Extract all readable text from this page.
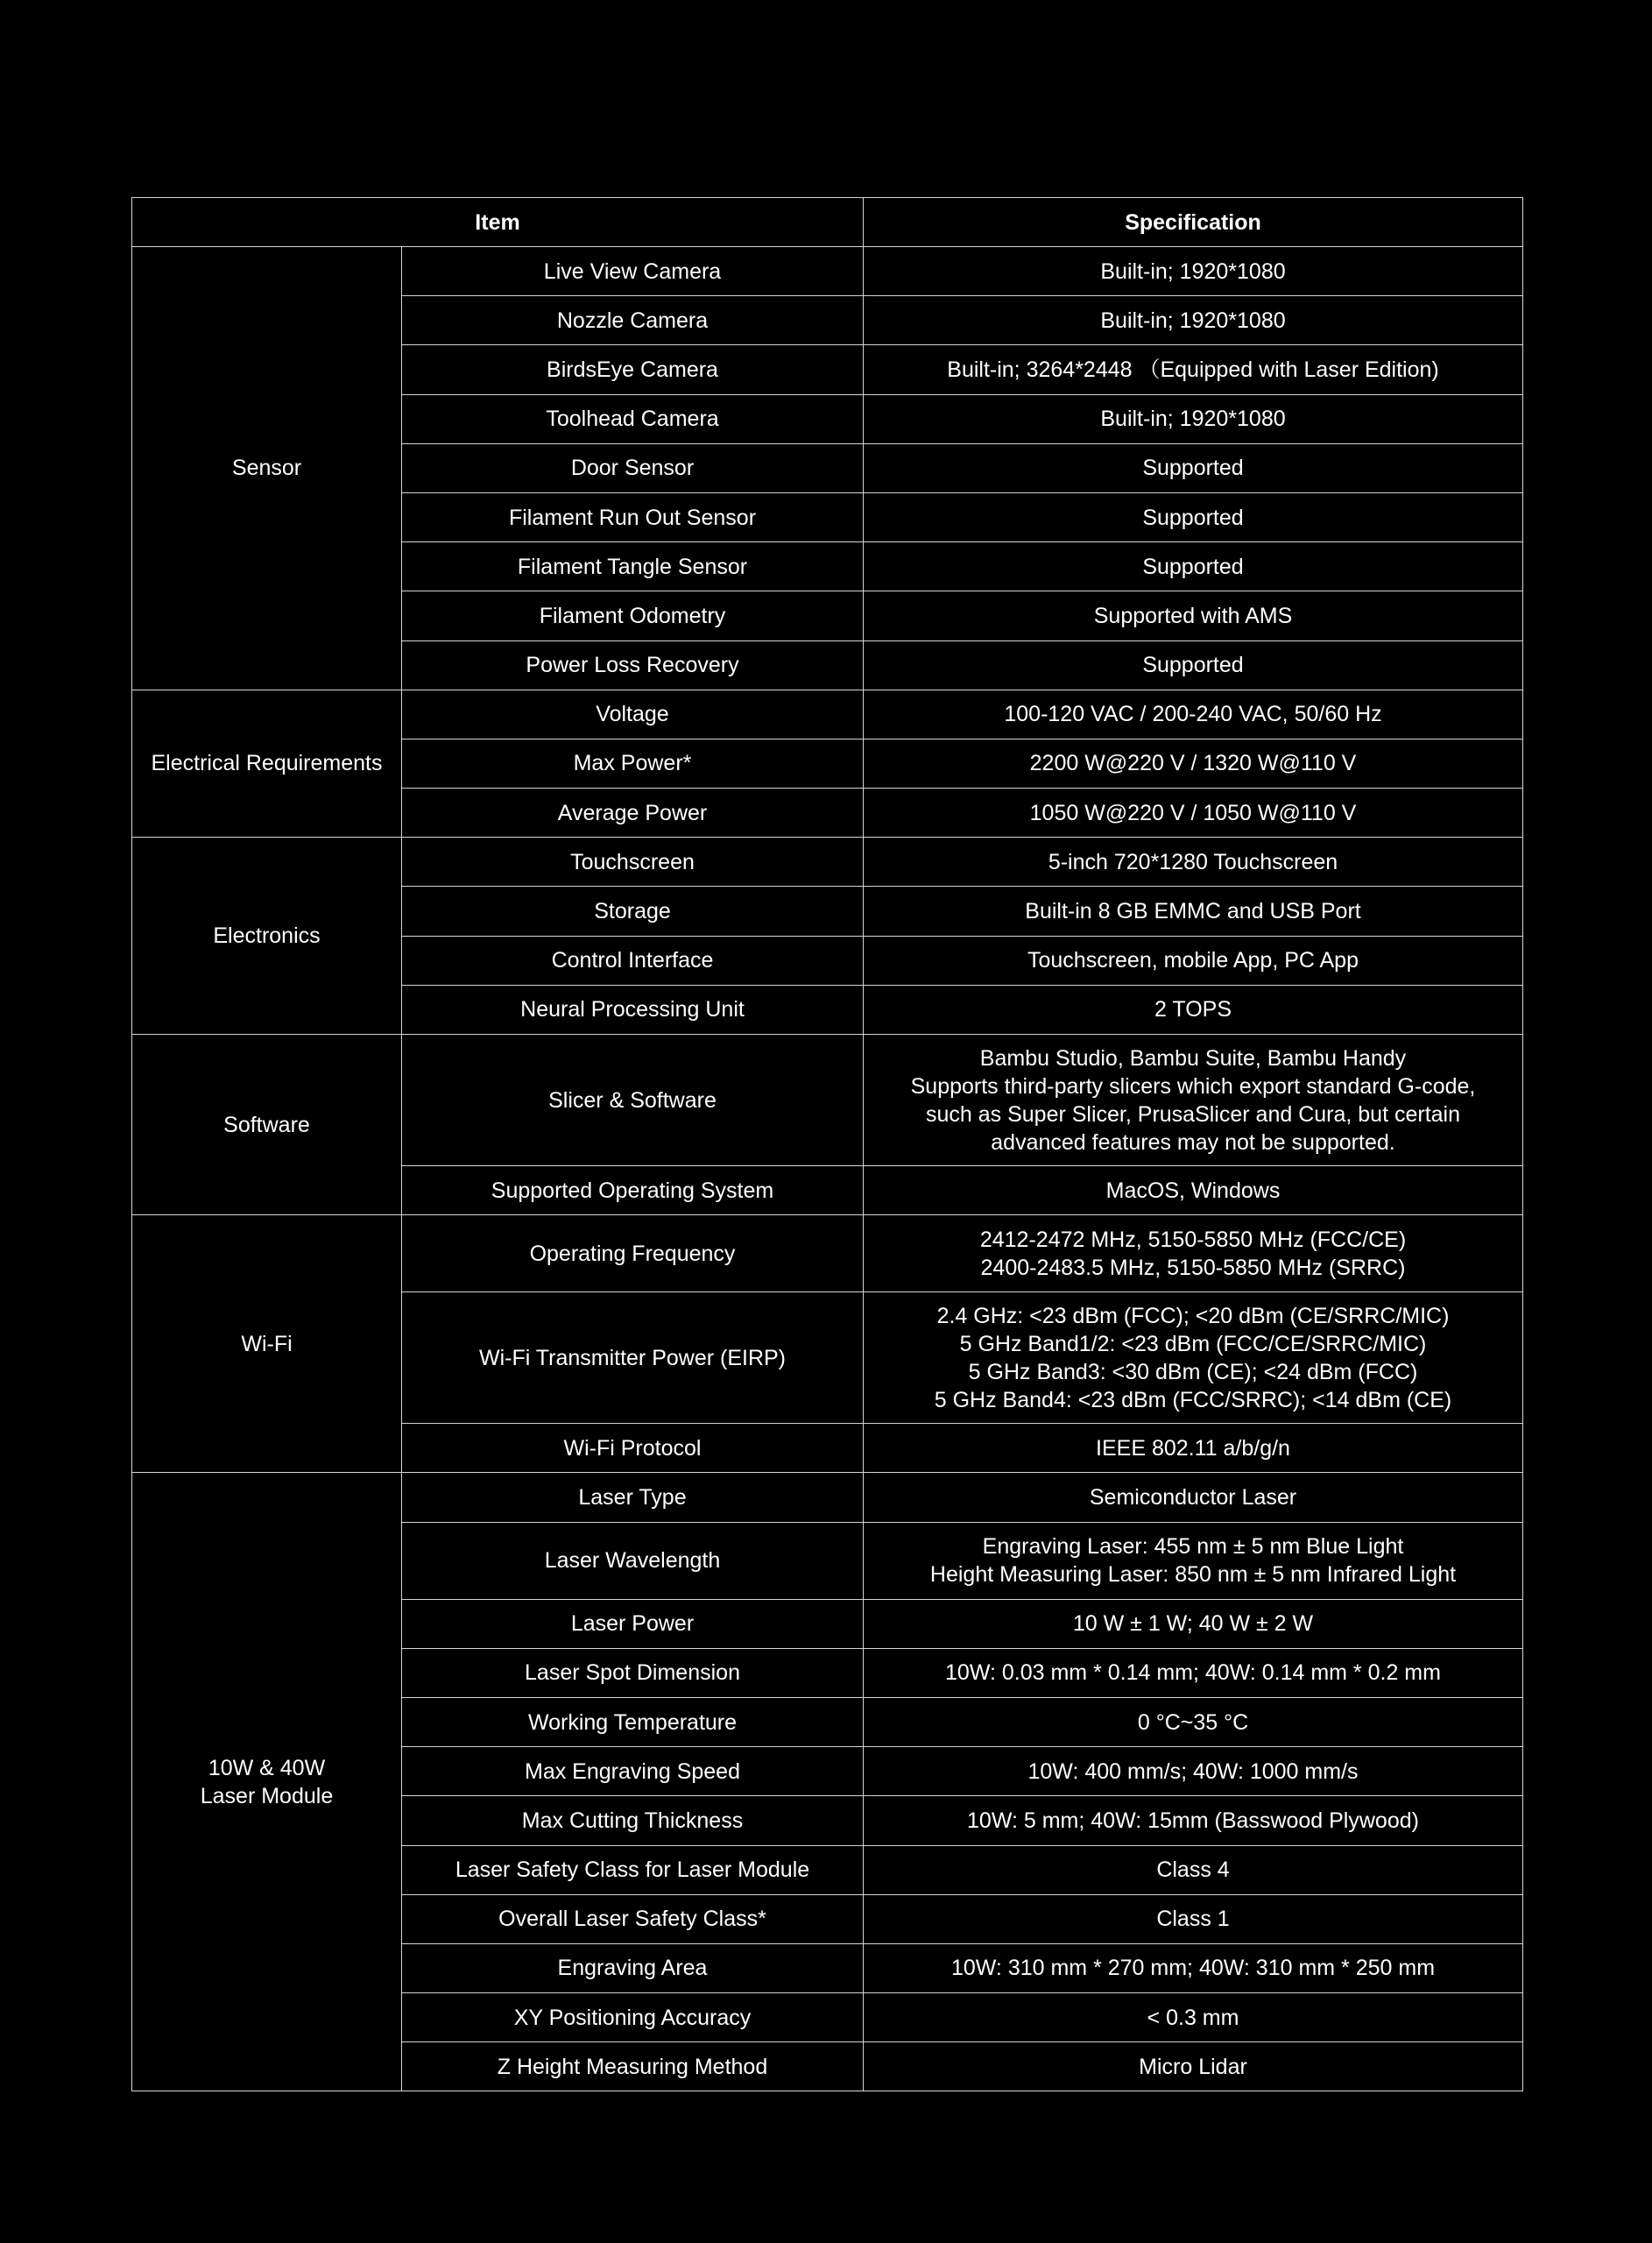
Item		Specification
Sensor	Live View Camera	Built-in; 1920*1080
	Nozzle Camera	Built-in; 1920*1080
	BirdsEye Camera	Built-in; 3264*2448 （Equipped with Laser Edition)
	Toolhead Camera	Built-in; 1920*1080
	Door Sensor	Supported
	Filament Run Out Sensor	Supported
	Filament Tangle Sensor	Supported
	Filament Odometry	Supported with AMS
	Power Loss Recovery	Supported
Electrical Requirements	Voltage	100-120 VAC / 200-240 VAC, 50/60 Hz
	Max Power*	2200 W@220 V / 1320 W@110 V
	Average Power	1050 W@220 V / 1050 W@110 V
Electronics	Touchscreen	5-inch 720*1280 Touchscreen
	Storage	Built-in 8 GB EMMC and USB Port
	Control Interface	Touchscreen, mobile App, PC App
	Neural Processing Unit	2 TOPS
Software	Slicer & Software	Bambu Studio, Bambu Suite, Bambu Handy
Supports third-party slicers which export standard G-code,
such as Super Slicer, PrusaSlicer and Cura, but certain
advanced features may not be supported.
	Supported Operating System	MacOS, Windows
Wi-Fi	Operating Frequency	2412-2472 MHz, 5150-5850 MHz (FCC/CE)
2400-2483.5 MHz, 5150-5850 MHz (SRRC)
	Wi-Fi Transmitter Power (EIRP)	2.4 GHz: <23 dBm (FCC); <20 dBm (CE/SRRC/MIC)
5 GHz Band1/2: <23 dBm (FCC/CE/SRRC/MIC)
5 GHz Band3: <30 dBm (CE); <24 dBm (FCC)
5 GHz Band4: <23 dBm (FCC/SRRC); <14 dBm (CE)
	Wi-Fi Protocol	IEEE 802.11 a/b/g/n
10W & 40W
Laser Module	Laser Type	Semiconductor Laser
	Laser Wavelength	Engraving Laser: 455 nm ± 5 nm Blue Light
Height Measuring Laser: 850 nm ± 5 nm Infrared Light
	Laser Power	10 W ± 1 W; 40 W ± 2 W
	Laser Spot Dimension	10W: 0.03 mm * 0.14 mm; 40W: 0.14 mm * 0.2 mm
	Working Temperature	0 °C~35 °C
	Max Engraving Speed	10W: 400 mm/s; 40W: 1000 mm/s
	Max Cutting Thickness	10W: 5 mm; 40W: 15mm (Basswood Plywood)
	Laser Safety Class for Laser Module	Class 4
	Overall Laser Safety Class*	Class 1
	Engraving Area	10W: 310 mm * 270 mm; 40W: 310 mm * 250 mm
	XY Positioning Accuracy	< 0.3 mm
	Z Height Measuring Method	Micro Lidar
